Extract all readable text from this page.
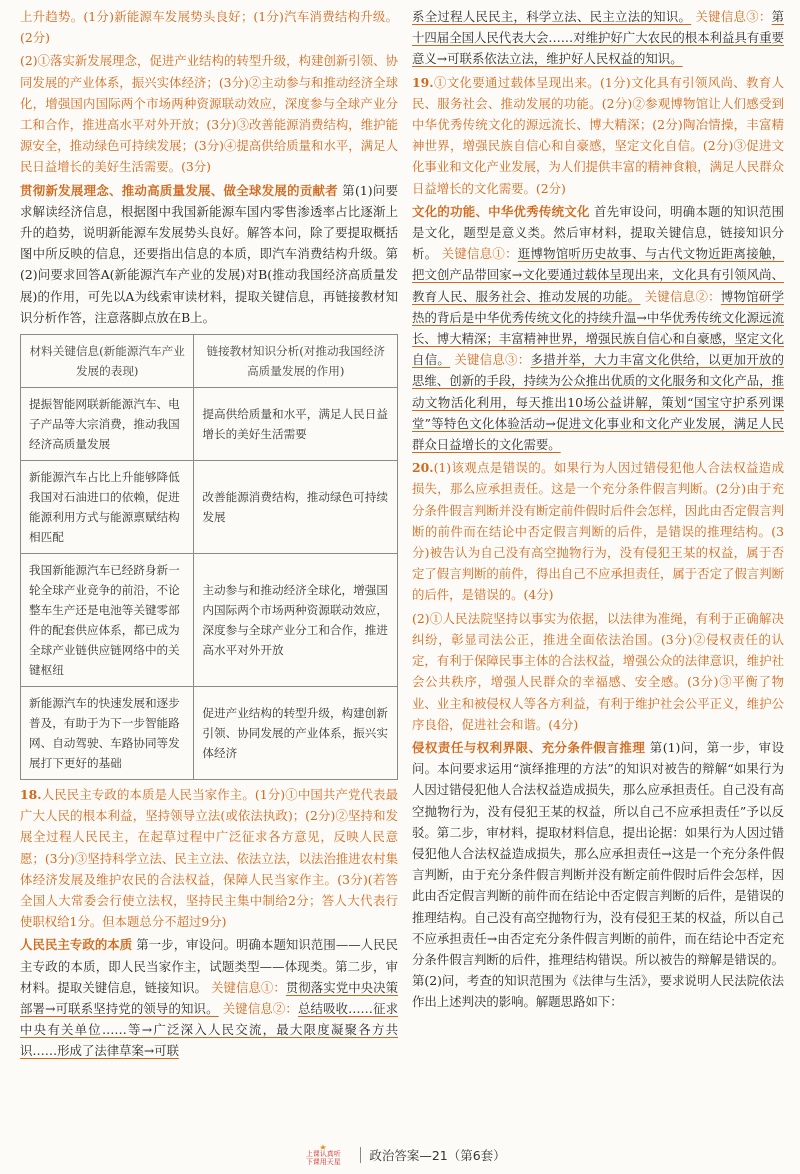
上升趋势。(1分)新能源车发展势头良好；(1分)汽车消费结构升级。(2分)

(2)①落实新发展理念，促进产业结构的转型升级，构建创新引领、协同发展的产业体系，振兴实体经济；(3分)②主动参与和推动经济全球化，增强国内国际两个市场两种资源联动效应，深度参与全球产业分工和合作，推进高水平对外开放；(3分)③改善能源消费结构，维护能源安全，推动绿色可持续发展；(3分)④提高供给质量和水平，满足人民日益增长的美好生活需要。(3分)

贯彻新发展理念、推动高质量发展、做全球发展的贡献者 第(1)问要求解读经济信息，根据图中我国新能源车国内零售渗透率占比逐渐上升的趋势，说明新能源车发展势头良好。解答本问，除了要提取概括图中所反映的信息，还要指出信息的本质，即汽车消费结构升级。第(2)问要求回答A(新能源汽车产业的发展)对B(推动我国经济高质量发展)的作用，可先以A为线索审读材料，提取关键信息，再链接教材知识分析作答，注意落脚点放在B上。

材料关键信息(新能源汽车产业发展的表现)	链接教材知识分析(对推动我国经济高质量发展的作用)
提振智能网联新能源汽车、电子产品等大宗消费，推动我国经济高质量发展	提高供给质量和水平，满足人民日益增长的美好生活需要
新能源汽车占比上升能够降低我国对石油进口的依赖，促进能源利用方式与能源禀赋结构相匹配	改善能源消费结构，推动绿色可持续发展
我国新能源汽车已经跻身新一轮全球产业竞争的前沿，不论整车生产还是电池等关键零部件的配套供应体系，都已成为全球产业链供应链网络中的关键枢纽	主动参与和推动经济全球化，增强国内国际两个市场两种资源联动效应，深度参与全球产业分工和合作，推进高水平对外开放
新能源汽车的快速发展和逐步普及，有助于为下一步智能路网、自动驾驶、车路协同等发展打下更好的基础	促进产业结构的转型升级，构建创新引领、协同发展的产业体系，振兴实体经济

18.人民民主专政的本质是人民当家作主。(1分)①中国共产党代表最广大人民的根本利益，坚持领导立法(或依法执政)；(2分)②坚持和发展全过程人民民主，在起草过程中广泛征求各方意见，反映人民意愿；(3分)③坚持科学立法、民主立法、依法立法，以法治推进农村集体经济发展及维护农民的合法权益，保障人民当家作主。(3分)(若答全国人大常委会行使立法权，坚持民主集中制给2分；答人大代表行使职权给1分。但本题总分不超过9分)

人民民主专政的本质 第一步，审设问。明确本题知识范围——人民民主专政的本质，即人民当家作主，试题类型——体现类。第二步，审材料。提取关键信息，链接知识。 关键信息①：贯彻落实党中央决策部署→可联系坚持党的领导的知识。 关键信息②：总结吸收……征求中央有关单位……等→广泛深入人民交流，最大限度凝聚各方共识……形成了法律草案→可联

系全过程人民民主，科学立法、民主立法的知识。 关键信息③：第十四届全国人民代表大会……对维护好广大农民的根本利益具有重要意义→可联系依法立法，维护好人民权益的知识。

19.①文化要通过载体呈现出来。(1分)文化具有引领风尚、教育人民、服务社会、推动发展的功能。(2分)②参观博物馆让人们感受到中华优秀传统文化的源远流长、博大精深；(2分)陶冶情操，丰富精神世界，增强民族自信心和自豪感，坚定文化自信。(2分)③促进文化事业和文化产业发展，为人们提供丰富的精神食粮，满足人民群众日益增长的文化需要。(2分)

文化的功能、中华优秀传统文化 首先审设问，明确本题的知识范围是文化，题型是意义类。然后审材料，提取关键信息，链接知识分析。 关键信息①：逛博物馆听历史故事、与古代文物近距离接触，把文创产品带回家→文化要通过载体呈现出来，文化具有引领风尚、教育人民、服务社会、推动发展的功能。 关键信息②：博物馆研学热的背后是中华优秀传统文化的持续升温→中华优秀传统文化源远流长、博大精深；丰富精神世界，增强民族自信心和自豪感，坚定文化自信。 关键信息③：多措并举，大力丰富文化供给，以更加开放的思维、创新的手段，持续为公众推出优质的文化服务和文化产品，推动文物活化利用，每天推出10场公益讲解，策划“国宝守护系列课堂”等特色文化体验活动→促进文化事业和文化产业发展，满足人民群众日益增长的文化需要。

20.(1)该观点是错误的。如果行为人因过错侵犯他人合法权益造成损失，那么应承担责任。这是一个充分条件假言判断。(2分)由于充分条件假言判断并没有断定前件假时后件会怎样，因此由否定假言判断的前件而在结论中否定假言判断的后件，是错误的推理结构。(3分)被告认为自己没有高空抛物行为，没有侵犯王某的权益，属于否定了假言判断的前件，得出自己不应承担责任，属于否定了假言判断的后件，是错误的。(4分)

(2)①人民法院坚持以事实为依据，以法律为准绳，有利于正确解决纠纷，彰显司法公正，推进全面依法治国。(3分)②侵权责任的认定，有利于保障民事主体的合法权益，增强公众的法律意识，维护社会公共秩序，增强人民群众的幸福感、安全感。(3分)③平衡了物业、业主和被侵权人等各方利益，有利于维护社会公平正义，维护公序良俗，促进社会和谐。(4分)

侵权责任与权利界限、充分条件假言推理 第(1)问，第一步，审设问。本问要求运用“演绎推理的方法”的知识对被告的辩解“如果行为人因过错侵犯他人合法权益造成损失，那么应承担责任。自己没有高空抛物行为，没有侵犯王某的权益，所以自己不应承担责任”予以反驳。第二步，审材料，提取材料信息，提出论据：如果行为人因过错侵犯他人合法权益造成损失，那么应承担责任→这是一个充分条件假言判断，由于充分条件假言判断并没有断定前件假时后件会怎样，因此由否定假言判断的前件而在结论中否定假言判断的后件，是错误的推理结构。自己没有高空抛物行为，没有侵犯王某的权益，所以自己不应承担责任→由否定充分条件假言判断的前件，而在结论中否定充分条件假言判断的后件，推理结构错误。所以被告的辩解是错误的。第(2)问，考查的知识范围为《法律与生活》，要求说明人民法院依法作出上述判决的影响。解题思路如下：

上课认真听
下课用天星 政治答案—21（第6套）
